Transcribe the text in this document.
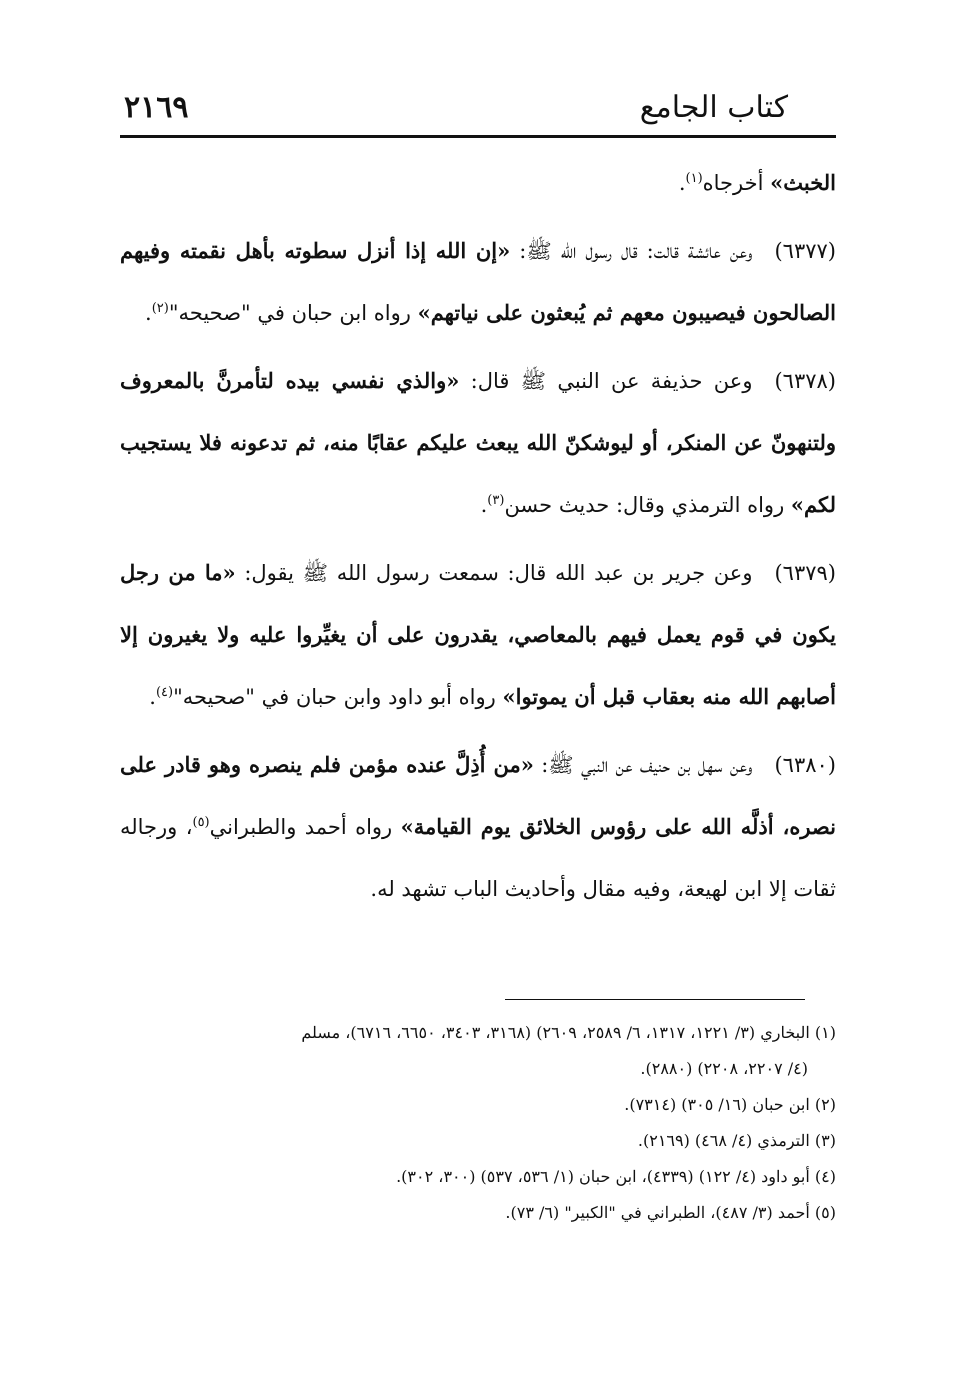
كتاب الجامع
٢١٦٩

الخبث» أخرجاه$^{(١)}$.

(٦٣٧٧)وعن عائشة قالت: قال رسول الله ﷺ: «إن الله إذا أنزل سطوته بأهل نقمته وفيهم الصالحون فيصيبون معهم ثم يُبعثون على نياتهم» رواه ابن حبان في "صحيحه"$^{(٢)}$.

(٦٣٧٨)وعن حذيفة عن النبي ﷺ قال: «والذي نفسي بيده لتأمرنَّ بالمعروف ولتنهونّ عن المنكر، أو ليوشكنّ الله يبعث عليكم عقابًا منه، ثم تدعونه فلا يستجيب لكم» رواه الترمذي وقال: حديث حسن$^{(٣)}$.

(٦٣٧٩)وعن جرير بن عبد الله قال: سمعت رسول الله ﷺ يقول: «ما من رجل يكون في قوم يعمل فيهم بالمعاصي، يقدرون على أن يغيِّروا عليه ولا يغيرون إلا أصابهم الله منه بعقاب قبل أن يموتوا» رواه أبو داود وابن حبان في "صحيحه"$^{(٤)}$.

(٦٣٨٠)وعن سهل بن حنيف عن النبي ﷺ: «من أُذِلَّ عنده مؤمن فلم ينصره وهو قادر على نصره، أذلَّه الله على رؤوس الخلائق يوم القيامة» رواه أحمد والطبراني$^{(٥)}$، ورجاله ثقات إلا ابن لهيعة، وفيه مقال وأحاديث الباب تشهد له.

(١) البخاري (٣/ ١٢٢١، ١٣١٧، ٦/ ٢٥٨٩، ٢٦٠٩) (٣١٦٨، ٣٤٠٣، ٦٦٥٠، ٦٧١٦)، مسلم

(٤/ ٢٢٠٧، ٢٢٠٨) (٢٨٨٠).

(٢) ابن حبان (١٦/ ٣٠٥) (٧٣١٤).

(٣) الترمذي (٤/ ٤٦٨) (٢١٦٩).

(٤) أبو داود (٤/ ١٢٢) (٤٣٣٩)، ابن حبان (١/ ٥٣٦، ٥٣٧) (٣٠٠، ٣٠٢).

(٥) أحمد (٣/ ٤٨٧)، الطبراني في "الكبير" (٦/ ٧٣).
